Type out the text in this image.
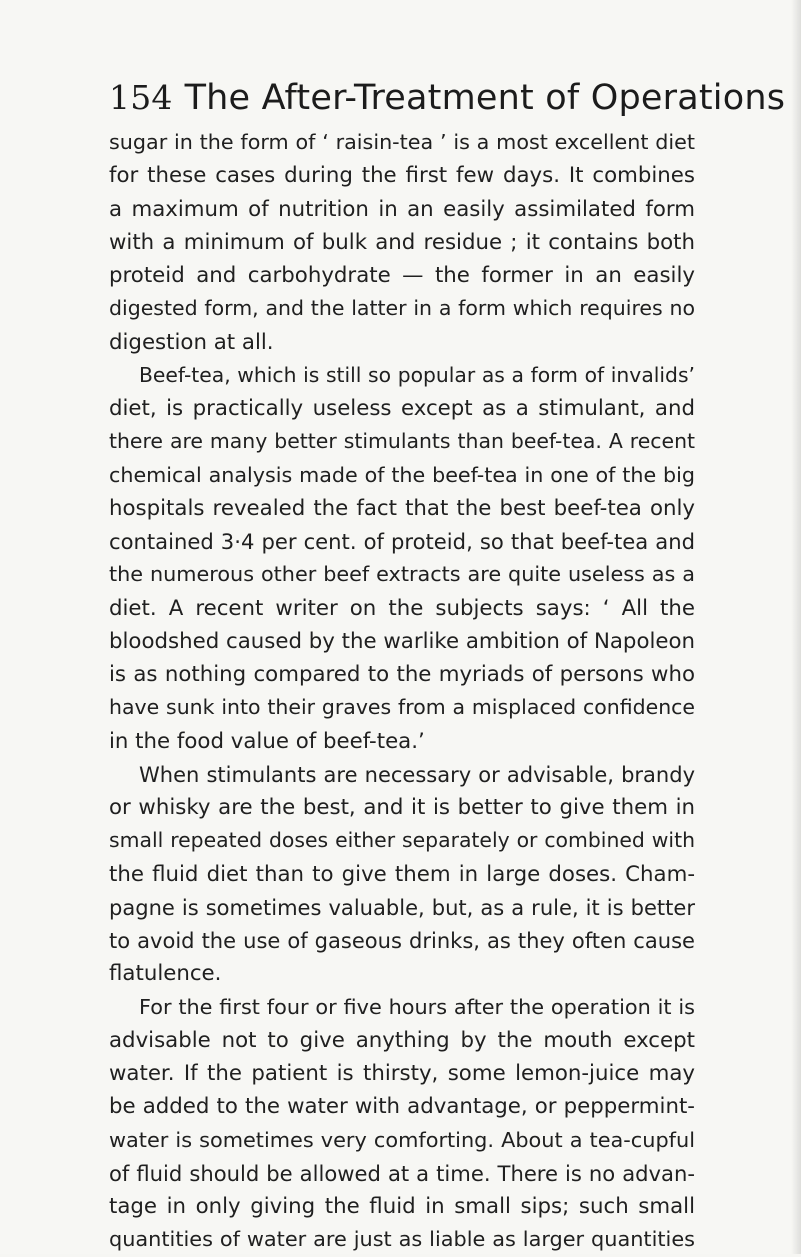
154 The After-Treatment of Operations
sugar in the form of ‘ raisin-tea ’ is a most excellent diet
for these cases during the first few days. It combines
a maximum of nutrition in an easily assimilated form
with a minimum of bulk and residue ; it contains both
proteid and carbohydrate — the former in an easily
digested form, and the latter in a form which requires no
digestion at all.
Beef-tea, which is still so popular as a form of invalids’
diet, is practically useless except as a stimulant, and
there are many better stimulants than beef-tea. A recent
chemical analysis made of the beef-tea in one of the big
hospitals revealed the fact that the best beef-tea only
contained 3·4 per cent. of proteid, so that beef-tea and
the numerous other beef extracts are quite useless as a
diet. A recent writer on the subjects says: ‘ All the
bloodshed caused by the warlike ambition of Napoleon
is as nothing compared to the myriads of persons who
have sunk into their graves from a misplaced confidence
in the food value of beef-tea.’
When stimulants are necessary or advisable, brandy
or whisky are the best, and it is better to give them in
small repeated doses either separately or combined with
the fluid diet than to give them in large doses. Cham-
pagne is sometimes valuable, but, as a rule, it is better
to avoid the use of gaseous drinks, as they often cause
flatulence.
For the first four or five hours after the operation it is
advisable not to give anything by the mouth except
water. If the patient is thirsty, some lemon-juice may
be added to the water with advantage, or peppermint-
water is sometimes very comforting. About a tea-cupful
of fluid should be allowed at a time. There is no advan-
tage in only giving the fluid in small sips; such small
quantities of water are just as liable as larger quantities
